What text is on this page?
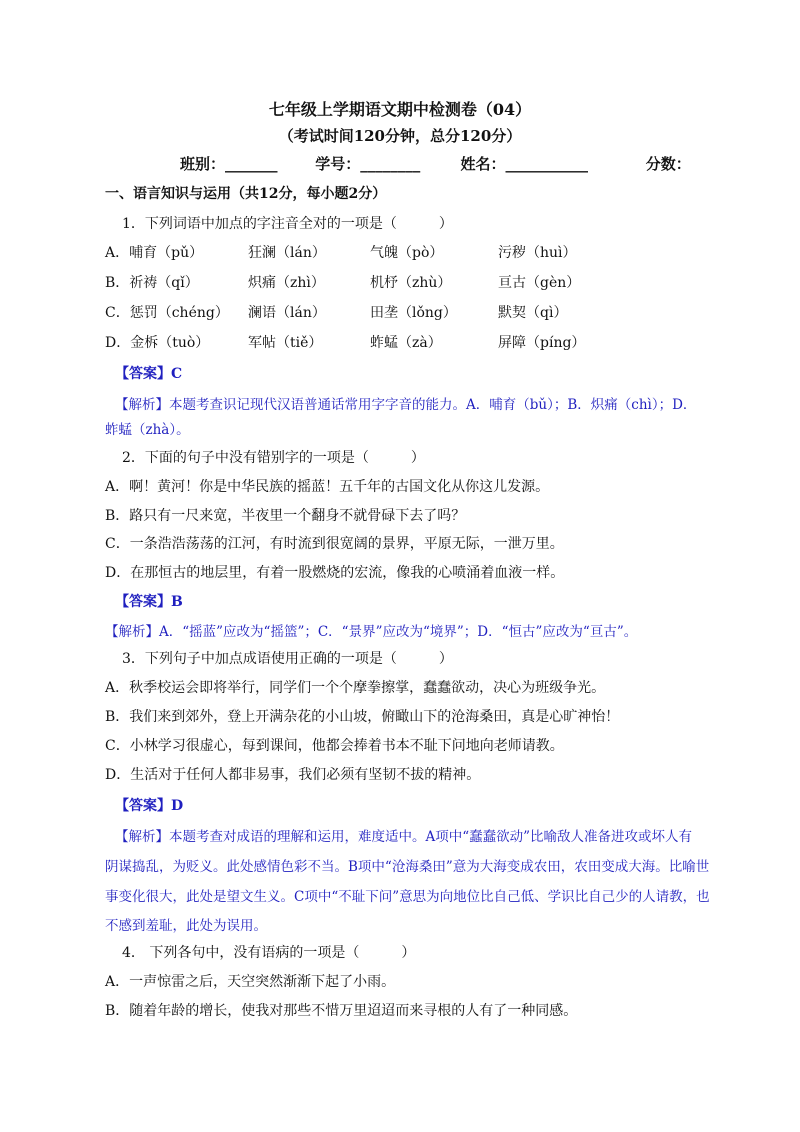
七年级上学期语文期中检测卷（04）
（考试时间120分钟，总分120分）
班别：_______	学号：________	姓名：___________	分数：
一、语言知识与运用（共12分，每小题2分）
1．下列词语中加点的字注音全对的一项是（　　　）
A．哺育（pǔ）	狂澜（lán）	气魄（pò）	污秽（huì）
B．祈祷（qǐ）	炽痛（zhì）	机杼（zhù）	亘古（gèn）
C．惩罚（chéng） 澜语（lán）	田垄（lǒng）	默契（qì）
D．金柝（tuò）	军帖（tiě）	蚱蜢（zà）	屏障（píng）
【答案】C
【解析】本题考查识记现代汉语普通话常用字字音的能力。A．哺育（bǔ）；B．炽痛（chì）；D．
蚱蜢（zhà）。
2．下面的句子中没有错别字的一项是（　　　）
A．啊！黄河！你是中华民族的摇蓝！五千年的古国文化从你这儿发源。
B．路只有一尺来宽，半夜里一个翻身不就骨碌下去了吗？
C．一条浩浩荡荡的江河，有时流到很宽阔的景界，平原无际，一泄万里。
D．在那恒古的地层里，有着一股燃烧的宏流，像我的心喷涌着血液一样。
【答案】B
【解析】A．“摇蓝”应改为“摇篮”；C．“景界”应改为“境界”；D．“恒古”应改为“亘古”。
3．下列句子中加点成语使用正确的一项是（　　　）
A．秋季校运会即将举行，同学们一个个摩拳擦掌，蠢蠢欲动，决心为班级争光。
B．我们来到郊外，登上开满杂花的小山坡，俯瞰山下的沧海桑田，真是心旷神怡！
C．小林学习很虚心，每到课间，他都会捧着书本不耻下问地向老师请教。
D．生活对于任何人都非易事，我们必须有坚韧不拔的精神。
【答案】D
【解析】本题考查对成语的理解和运用，难度适中。A项中“蠢蠢欲动”比喻敌人准备进攻或坏人有
阴谋捣乱，为贬义。此处感情色彩不当。B项中“沧海桑田”意为大海变成农田，农田变成大海。比喻世
事变化很大，此处是望文生义。C项中“不耻下问”意思为向地位比自己低、学识比自己少的人请教，也
不感到羞耻，此处为误用。
4． 下列各句中，没有语病的一项是（　　　）
A．一声惊雷之后，天空突然渐渐下起了小雨。
B．随着年龄的增长，使我对那些不惜万里迢迢而来寻根的人有了一种同感。
